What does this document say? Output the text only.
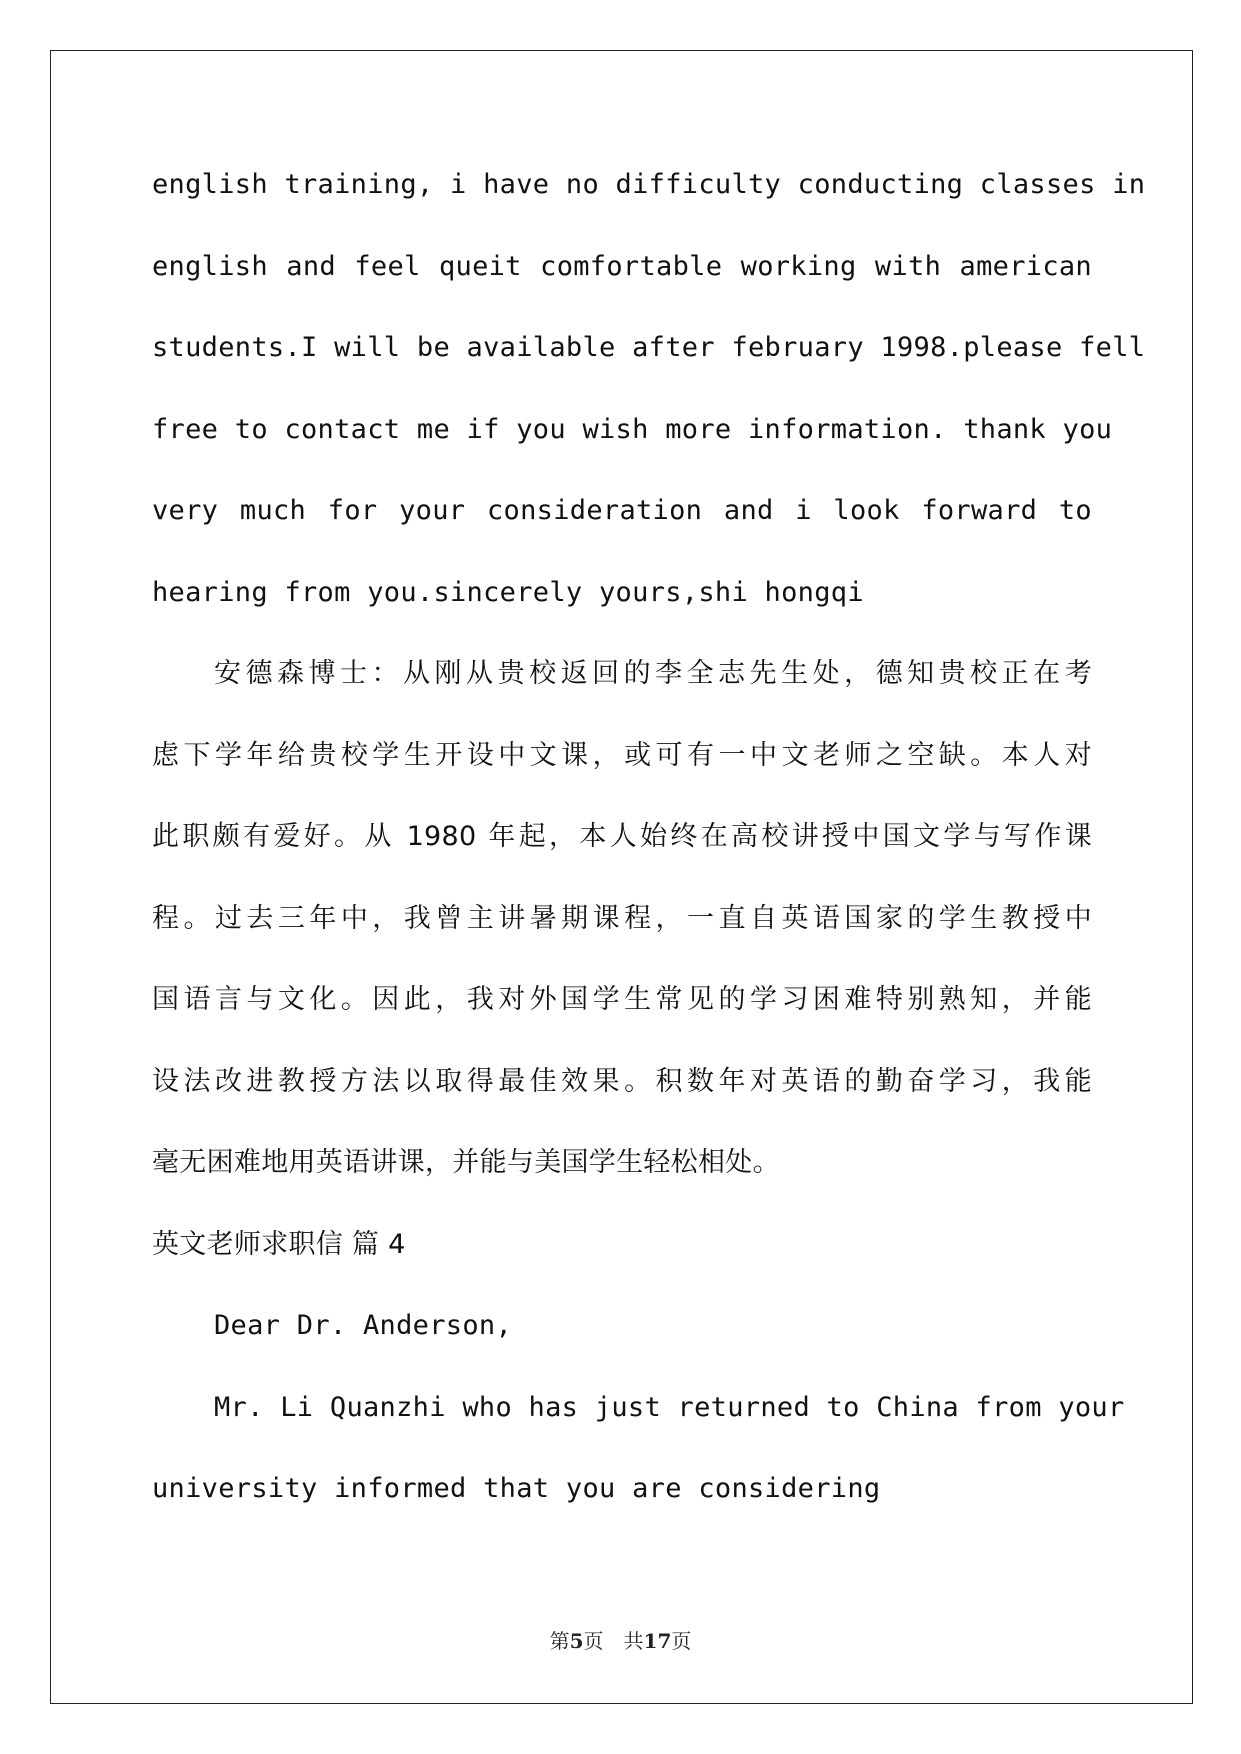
english training, i have no difficulty conducting classes in
english and feel queit comfortable working with american
students.I will be available after february 1998.please fell
free to contact me if you wish more information. thank you
very much for your consideration and i look forward to
hearing from you.sincerely yours,shi hongqi
安德森博士：从刚从贵校返回的李全志先生处，德知贵校正在考
虑下学年给贵校学生开设中文课，或可有一中文老师之空缺。本人对
此职颇有爱好。从 1980 年起，本人始终在高校讲授中国文学与写作课
程。过去三年中，我曾主讲暑期课程，一直自英语国家的学生教授中
国语言与文化。因此，我对外国学生常见的学习困难特别熟知，并能
设法改进教授方法以取得最佳效果。积数年对英语的勤奋学习，我能
毫无困难地用英语讲课，并能与美国学生轻松相处。
英文老师求职信 篇 4
Dear Dr. Anderson,
Mr. Li Quanzhi who has just returned to China from your
university informed that you are considering
第5页 共17页
